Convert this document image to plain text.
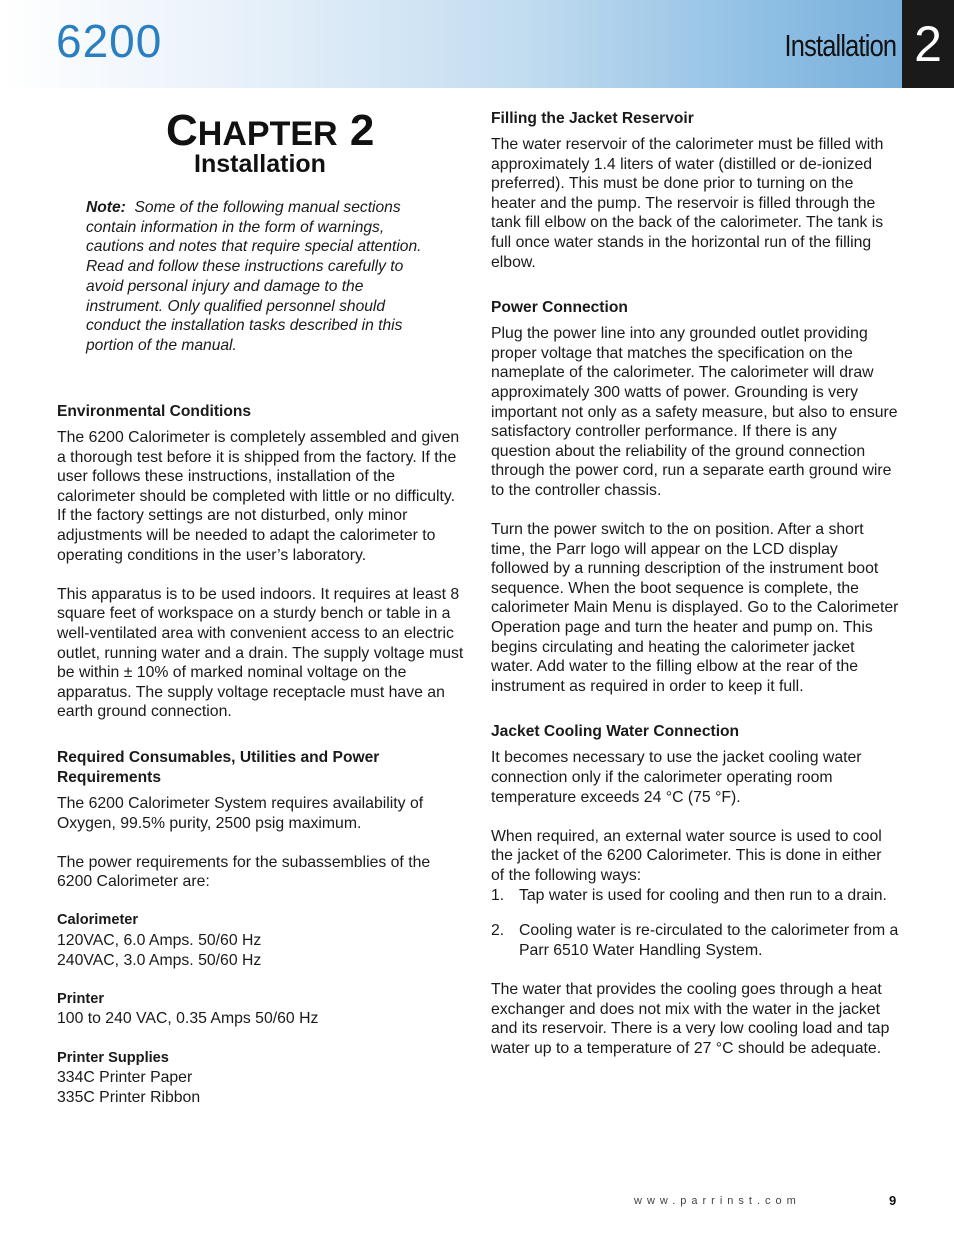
6200	Installation 2
CHAPTER 2
Installation
Note: Some of the following manual sections contain information in the form of warnings, cautions and notes that require special attention. Read and follow these instructions carefully to avoid personal injury and damage to the instrument. Only qualified personnel should conduct the installation tasks described in this portion of the manual.
Environmental Conditions

The 6200 Calorimeter is completely assembled and given a thorough test before it is shipped from the factory. If the user follows these instructions, installation of the calorimeter should be completed with little or no difficulty. If the factory settings are not disturbed, only minor adjustments will be needed to adapt the calorimeter to operating conditions in the user’s laboratory.

This apparatus is to be used indoors. It requires at least 8 square feet of workspace on a sturdy bench or table in a well-ventilated area with convenient access to an electric outlet, running water and a drain. The supply voltage must be within ± 10% of marked nominal voltage on the apparatus. The supply voltage receptacle must have an earth ground connection.

Required Consumables, Utilities and Power Requirements

The 6200 Calorimeter System requires availability of Oxygen, 99.5% purity, 2500 psig maximum.

The power requirements for the subassemblies of the 6200 Calorimeter are:

Calorimeter
120VAC, 6.0 Amps. 50/60 Hz
240VAC, 3.0 Amps. 50/60 Hz
Printer
100 to 240 VAC, 0.35 Amps 50/60 Hz
Printer Supplies
334C Printer Paper
335C Printer Ribbon
Filling the Jacket Reservoir

The water reservoir of the calorimeter must be filled with approximately 1.4 liters of water (distilled or de-ionized preferred). This must be done prior to turning on the heater and the pump. The reservoir is filled through the tank fill elbow on the back of the calorimeter. The tank is full once water stands in the horizontal run of the filling elbow.

Power Connection

Plug the power line into any grounded outlet providing proper voltage that matches the specification on the nameplate of the calorimeter. The calorimeter will draw approximately 300 watts of power. Grounding is very important not only as a safety measure, but also to ensure satisfactory controller performance. If there is any question about the reliability of the ground connection through the power cord, run a separate earth ground wire to the controller chassis.

Turn the power switch to the on position. After a short time, the Parr logo will appear on the LCD display followed by a running description of the instrument boot sequence. When the boot sequence is complete, the calorimeter Main Menu is displayed. Go to the Calorimeter Operation page and turn the heater and pump on. This begins circulating and heating the calorimeter jacket water. Add water to the filling elbow at the rear of the instrument as required in order to keep it full.

Jacket Cooling Water Connection

It becomes necessary to use the jacket cooling water connection only if the calorimeter operating room temperature exceeds 24 °C (75 °F).

When required, an external water source is used to cool the jacket of the 6200 Calorimeter. This is done in either of the following ways:

1. Tap water is used for cooling and then run to a drain.
2. Cooling water is re-circulated to the calorimeter from a Parr 6510 Water Handling System.

The water that provides the cooling goes through a heat exchanger and does not mix with the water in the jacket and its reservoir. There is a very low cooling load and tap water up to a temperature of 27 °C should be adequate.

www.parrinst.com	9
